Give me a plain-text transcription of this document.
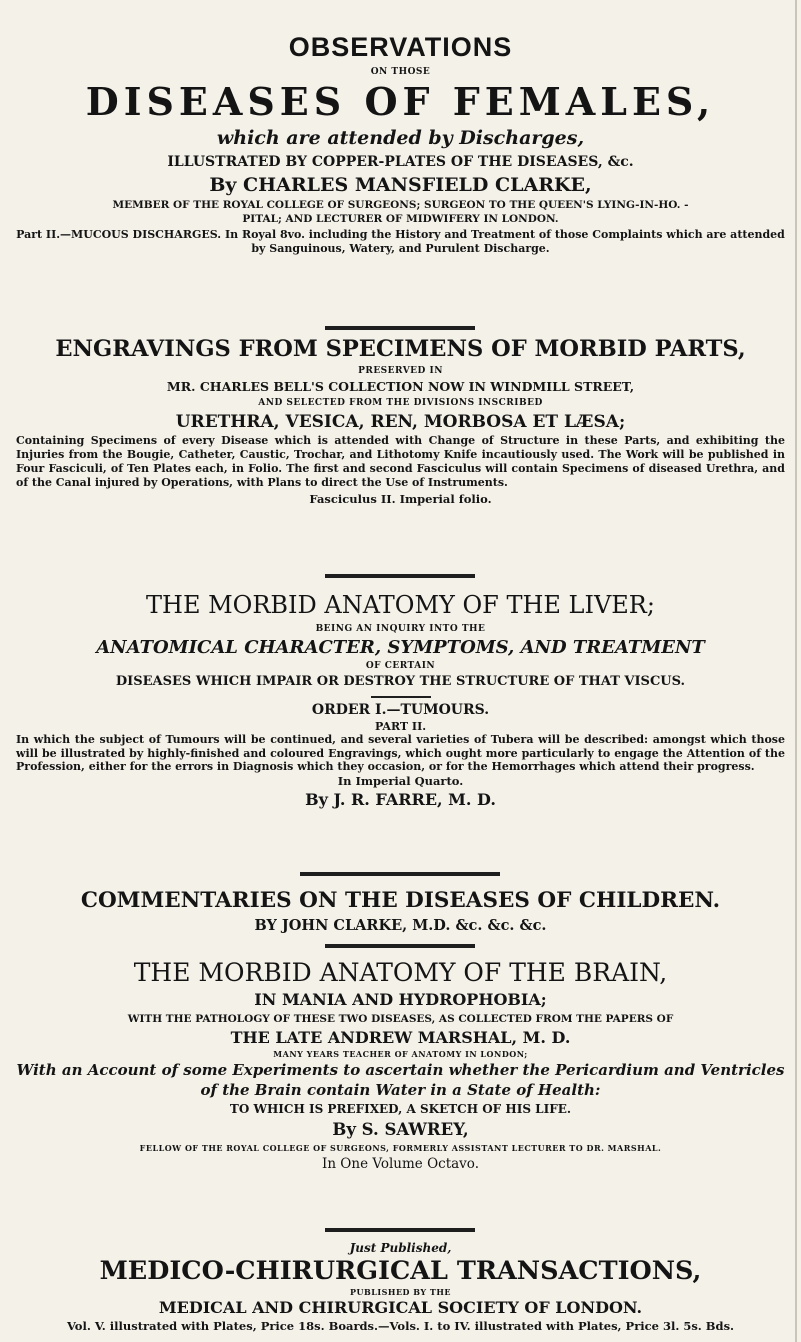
OBSERVATIONS

ON THOSE

DISEASES OF FEMALES,

which are attended by Discharges,

ILLUSTRATED BY COPPER-PLATES OF THE DISEASES, &c.

By CHARLES MANSFIELD CLARKE,

MEMBER OF THE ROYAL COLLEGE OF SURGEONS; SURGEON TO THE QUEEN'S LYING-IN-HO. -

PITAL; AND LECTURER OF MIDWIFERY IN LONDON.

Part II.—MUCOUS DISCHARGES. In Royal 8vo. including the History and Treatment of those Complaints which are attended by Sanguinous, Watery, and Purulent Discharge.

ENGRAVINGS FROM SPECIMENS OF MORBID PARTS,

PRESERVED IN

MR. CHARLES BELL'S COLLECTION NOW IN WINDMILL STREET,

AND SELECTED FROM THE DIVISIONS INSCRIBED

URETHRA, VESICA, REN, MORBOSA ET LÆSA;

Containing Specimens of every Disease which is attended with Change of Structure in these Parts, and exhibiting the Injuries from the Bougie, Catheter, Caustic, Trochar, and Lithotomy Knife incautiously used. The Work will be published in Four Fasciculi, of Ten Plates each, in Folio. The first and second Fasciculus will contain Specimens of diseased Urethra, and of the Canal injured by Operations, with Plans to direct the Use of Instruments.

Fasciculus II. Imperial folio.

THE MORBID ANATOMY OF THE LIVER;

BEING AN INQUIRY INTO THE

ANATOMICAL CHARACTER, SYMPTOMS, AND TREATMENT

OF CERTAIN

DISEASES WHICH IMPAIR OR DESTROY THE STRUCTURE OF THAT VISCUS.

ORDER I.—TUMOURS.

PART II.

In which the subject of Tumours will be continued, and several varieties of Tubera will be described: amongst which those will be illustrated by highly-finished and coloured Engravings, which ought more particularly to engage the Attention of the Profession, either for the errors in Diagnosis which they occasion, or for the Hemorrhages which attend their progress.

In Imperial Quarto.

By J. R. FARRE, M. D.

COMMENTARIES ON THE DISEASES OF CHILDREN.

BY JOHN CLARKE, M.D. &c. &c. &c.

THE MORBID ANATOMY OF THE BRAIN,

IN MANIA AND HYDROPHOBIA;

WITH THE PATHOLOGY OF THESE TWO DISEASES, AS COLLECTED FROM THE PAPERS OF

THE LATE ANDREW MARSHAL, M. D.

MANY YEARS TEACHER OF ANATOMY IN LONDON;

With an Account of some Experiments to ascertain whether the Pericardium and Ventricles

of the Brain contain Water in a State of Health:

TO WHICH IS PREFIXED, A SKETCH OF HIS LIFE.

By S. SAWREY,

FELLOW OF THE ROYAL COLLEGE OF SURGEONS, FORMERLY ASSISTANT LECTURER TO DR. MARSHAL.

In One Volume Octavo.

Just Published,

MEDICO-CHIRURGICAL TRANSACTIONS,

PUBLISHED BY THE

MEDICAL AND CHIRURGICAL SOCIETY OF LONDON.

Vol. V. illustrated with Plates, Price 18s. Boards.—Vols. I. to IV. illustrated with Plates, Price 3l. 5s. Bds.
